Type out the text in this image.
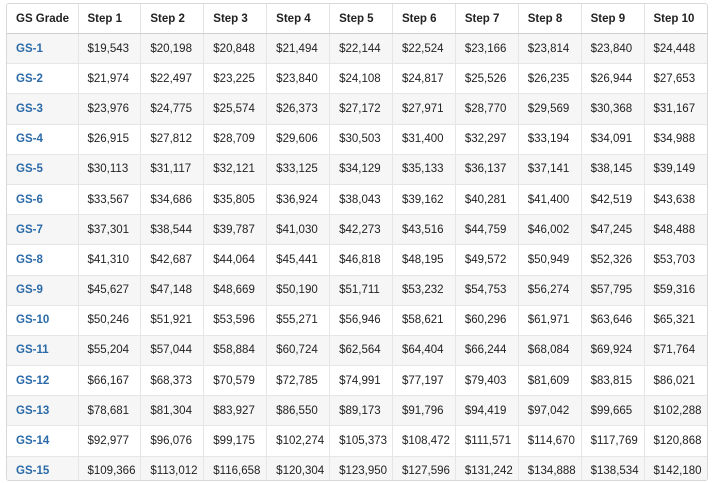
GS Grade	Step 1	Step 2	Step 3	Step 4	Step 5	Step 6	Step 7	Step 8	Step 9	Step 10
GS-1	$19,543	$20,198	$20,848	$21,494	$22,144	$22,524	$23,166	$23,814	$23,840	$24,448
GS-2	$21,974	$22,497	$23,225	$23,840	$24,108	$24,817	$25,526	$26,235	$26,944	$27,653
GS-3	$23,976	$24,775	$25,574	$26,373	$27,172	$27,971	$28,770	$29,569	$30,368	$31,167
GS-4	$26,915	$27,812	$28,709	$29,606	$30,503	$31,400	$32,297	$33,194	$34,091	$34,988
GS-5	$30,113	$31,117	$32,121	$33,125	$34,129	$35,133	$36,137	$37,141	$38,145	$39,149
GS-6	$33,567	$34,686	$35,805	$36,924	$38,043	$39,162	$40,281	$41,400	$42,519	$43,638
GS-7	$37,301	$38,544	$39,787	$41,030	$42,273	$43,516	$44,759	$46,002	$47,245	$48,488
GS-8	$41,310	$42,687	$44,064	$45,441	$46,818	$48,195	$49,572	$50,949	$52,326	$53,703
GS-9	$45,627	$47,148	$48,669	$50,190	$51,711	$53,232	$54,753	$56,274	$57,795	$59,316
GS-10	$50,246	$51,921	$53,596	$55,271	$56,946	$58,621	$60,296	$61,971	$63,646	$65,321
GS-11	$55,204	$57,044	$58,884	$60,724	$62,564	$64,404	$66,244	$68,084	$69,924	$71,764
GS-12	$66,167	$68,373	$70,579	$72,785	$74,991	$77,197	$79,403	$81,609	$83,815	$86,021
GS-13	$78,681	$81,304	$83,927	$86,550	$89,173	$91,796	$94,419	$97,042	$99,665	$102,288
GS-14	$92,977	$96,076	$99,175	$102,274	$105,373	$108,472	$111,571	$114,670	$117,769	$120,868
GS-15	$109,366	$113,012	$116,658	$120,304	$123,950	$127,596	$131,242	$134,888	$138,534	$142,180
